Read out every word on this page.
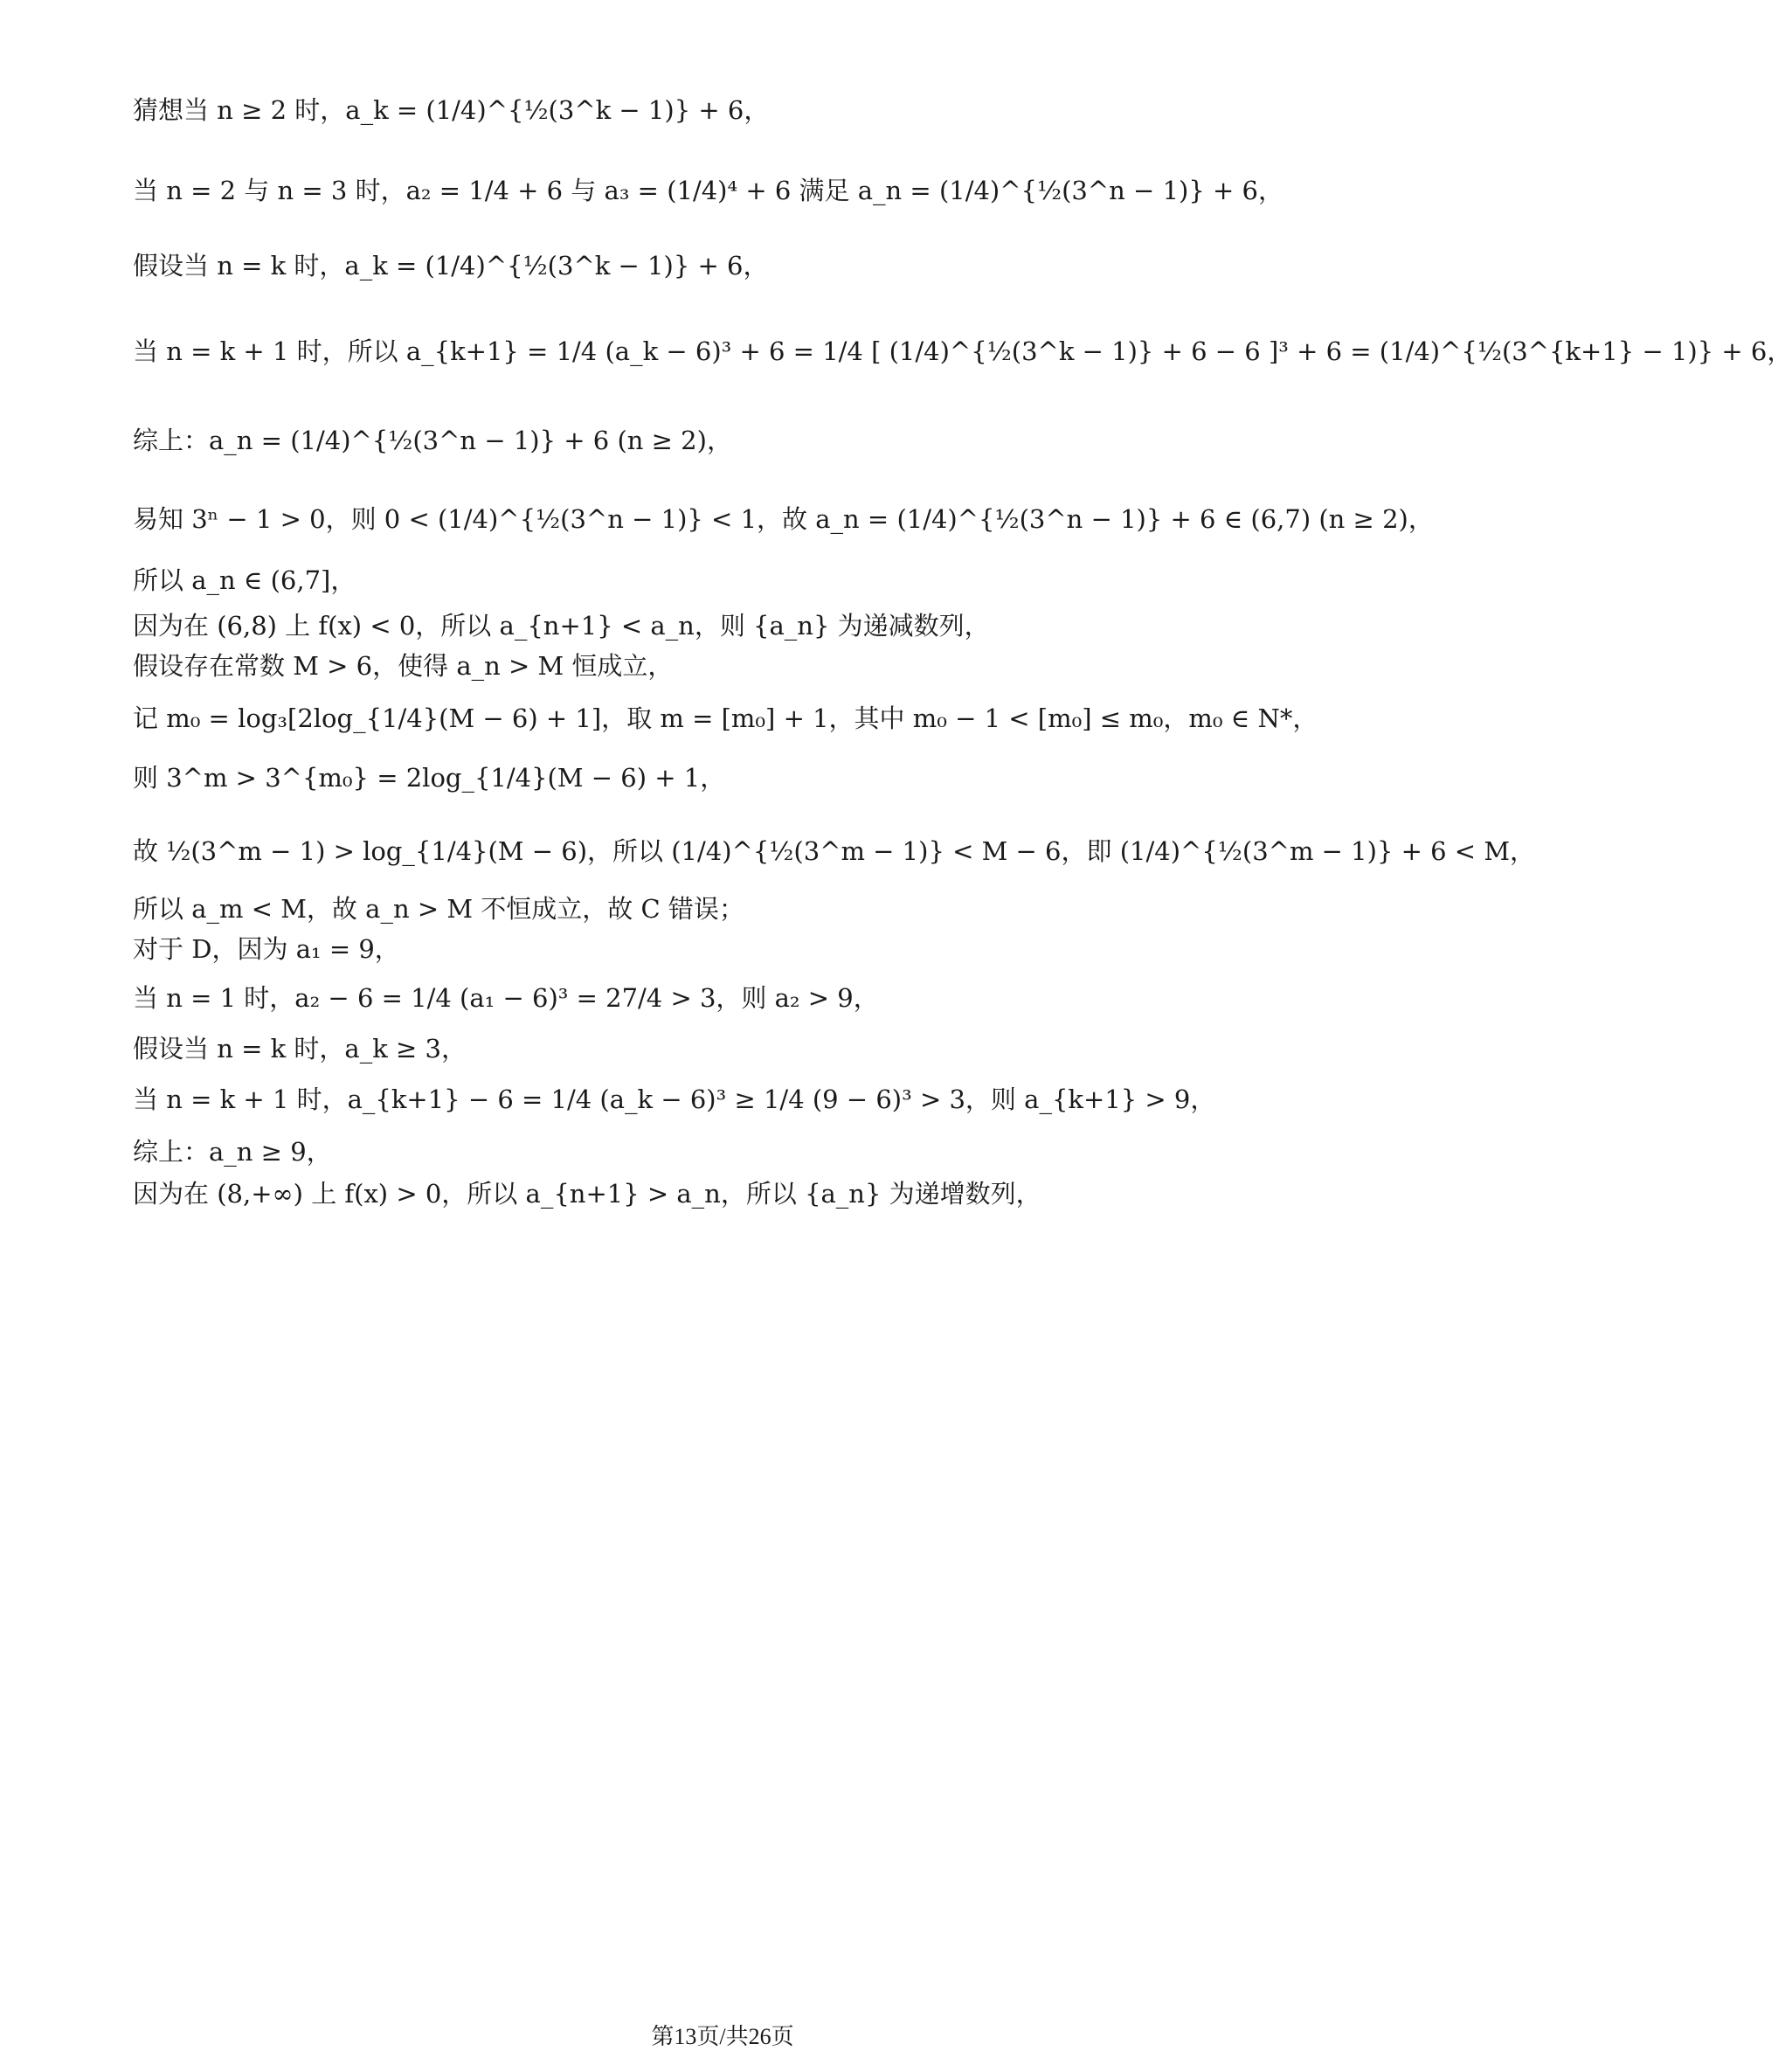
猜想当 n ≥ 2 时，a_k = (1/4)^{½(3^k − 1)} + 6，
当 n = 2 与 n = 3 时，a₂ = 1/4 + 6 与 a₃ = (1/4)⁴ + 6 满足 a_n = (1/4)^{½(3^n − 1)} + 6，
假设当 n = k 时，a_k = (1/4)^{½(3^k − 1)} + 6，
当 n = k + 1 时，所以 a_{k+1} = 1/4 (a_k − 6)³ + 6 = 1/4 [ (1/4)^{½(3^k − 1)} + 6 − 6 ]³ + 6 = (1/4)^{½(3^{k+1} − 1)} + 6，
综上：a_n = (1/4)^{½(3^n − 1)} + 6 (n ≥ 2)，
易知 3ⁿ − 1 > 0，则 0 < (1/4)^{½(3^n − 1)} < 1，故 a_n = (1/4)^{½(3^n − 1)} + 6 ∈ (6,7) (n ≥ 2)，
所以 a_n ∈ (6,7]，
因为在 (6,8) 上 f(x) < 0，所以 a_{n+1} < a_n，则 {a_n} 为递减数列，
假设存在常数 M > 6，使得 a_n > M 恒成立，
记 m₀ = log₃[2log_{1/4}(M − 6) + 1]，取 m = [m₀] + 1，其中 m₀ − 1 < [m₀] ≤ m₀，m₀ ∈ N*，
则 3^m > 3^{m₀} = 2log_{1/4}(M − 6) + 1，
故 ½(3^m − 1) > log_{1/4}(M − 6)，所以 (1/4)^{½(3^m − 1)} < M − 6，即 (1/4)^{½(3^m − 1)} + 6 < M，
所以 a_m < M，故 a_n > M 不恒成立，故 C 错误；
对于 D，因为 a₁ = 9，
当 n = 1 时，a₂ − 6 = 1/4 (a₁ − 6)³ = 27/4 > 3，则 a₂ > 9，
假设当 n = k 时，a_k ≥ 3，
当 n = k + 1 时，a_{k+1} − 6 = 1/4 (a_k − 6)³ ≥ 1/4 (9 − 6)³ > 3，则 a_{k+1} > 9，
综上：a_n ≥ 9，
因为在 (8,+∞) 上 f(x) > 0，所以 a_{n+1} > a_n，所以 {a_n} 为递增数列，
第13页/共26页
